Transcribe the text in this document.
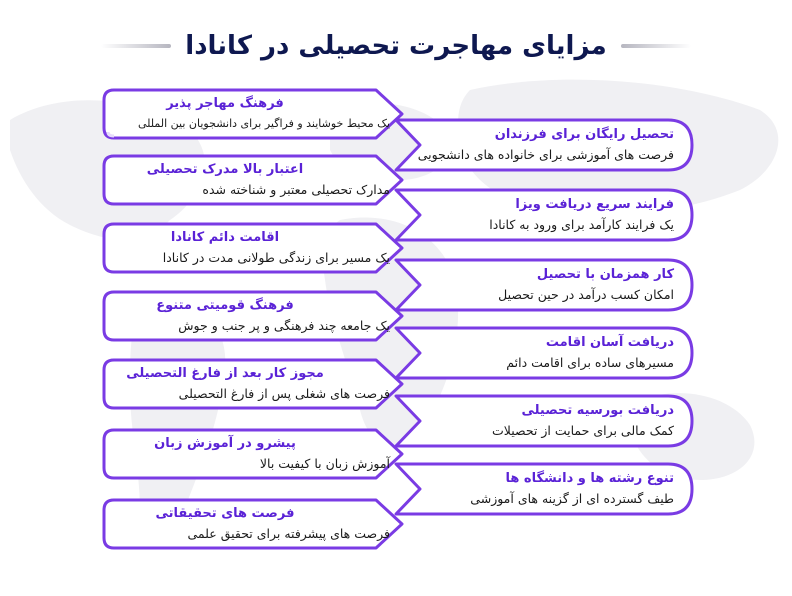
مزایای مهاجرت تحصیلی در کانادا
فرهنگ مهاجر پذیر
یک محیط خوشایند و فراگیر برای دانشجویان بین المللی
اعتبار بالا مدرک تحصیلی
مدارک تحصیلی معتبر و شناخته شده
اقامت دائم کانادا
یک مسیر برای زندگی طولانی مدت در کانادا
فرهنگ قومیتی متنوع
یک جامعه چند فرهنگی و پر جنب و جوش
مجوز کار بعد از فارغ التحصیلی
فرصت های شغلی پس از فارغ التحصیلی
پیشرو در آموزش زبان
آموزش زبان با کیفیت بالا
فرصت های تحقیقاتی
فرصت های پیشرفته برای تحقیق علمی
تحصیل رایگان برای فرزندان
فرصت های آموزشی برای خانواده های دانشجویی
فرایند سریع دریافت ویزا
یک فرایند کارآمد برای ورود به کانادا
کار همزمان با تحصیل
امکان کسب درآمد در حین تحصیل
دریافت آسان اقامت
مسیرهای ساده برای اقامت دائم
دریافت بورسیه تحصیلی
کمک مالی برای حمایت از تحصیلات
تنوع رشته ها و دانشگاه ها
طیف گسترده ای از گزینه های آموزشی
